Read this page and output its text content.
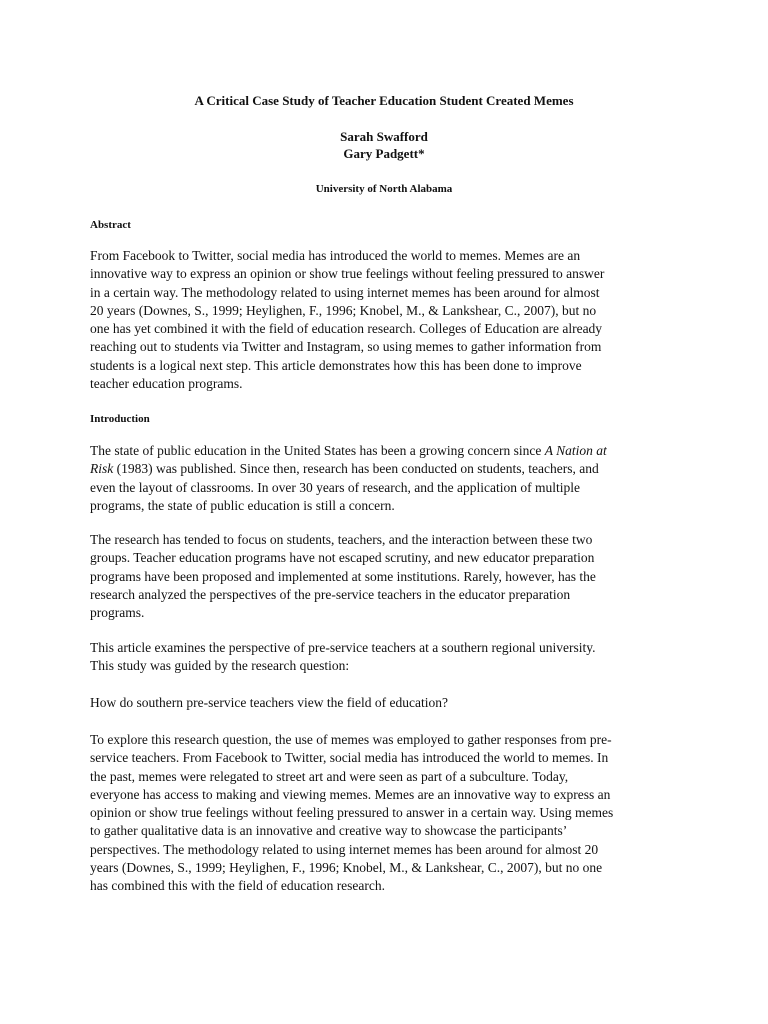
A Critical Case Study of Teacher Education Student Created Memes
Sarah Swafford
Gary Padgett*
University of North Alabama
Abstract

From Facebook to Twitter, social media has introduced the world to memes. Memes are an
innovative way to express an opinion or show true feelings without feeling pressured to answer
in a certain way. The methodology related to using internet memes has been around for almost
20 years (Downes, S., 1999; Heylighen, F., 1996; Knobel, M., & Lankshear, C., 2007), but no
one has yet combined it with the field of education research. Colleges of Education are already
reaching out to students via Twitter and Instagram, so using memes to gather information from
students is a logical next step. This article demonstrates how this has been done to improve
teacher education programs.

Introduction

The state of public education in the United States has been a growing concern since A Nation at
Risk (1983) was published. Since then, research has been conducted on students, teachers, and
even the layout of classrooms. In over 30 years of research, and the application of multiple
programs, the state of public education is still a concern.

The research has tended to focus on students, teachers, and the interaction between these two
groups. Teacher education programs have not escaped scrutiny, and new educator preparation
programs have been proposed and implemented at some institutions. Rarely, however, has the
research analyzed the perspectives of the pre-service teachers in the educator preparation
programs.

This article examines the perspective of pre-service teachers at a southern regional university.
This study was guided by the research question:

How do southern pre-service teachers view the field of education?

To explore this research question, the use of memes was employed to gather responses from pre-
service teachers. From Facebook to Twitter, social media has introduced the world to memes. In
the past, memes were relegated to street art and were seen as part of a subculture. Today,
everyone has access to making and viewing memes. Memes are an innovative way to express an
opinion or show true feelings without feeling pressured to answer in a certain way. Using memes
to gather qualitative data is an innovative and creative way to showcase the participants’
perspectives. The methodology related to using internet memes has been around for almost 20
years (Downes, S., 1999; Heylighen, F., 1996; Knobel, M., & Lankshear, C., 2007), but no one
has combined this with the field of education research.
